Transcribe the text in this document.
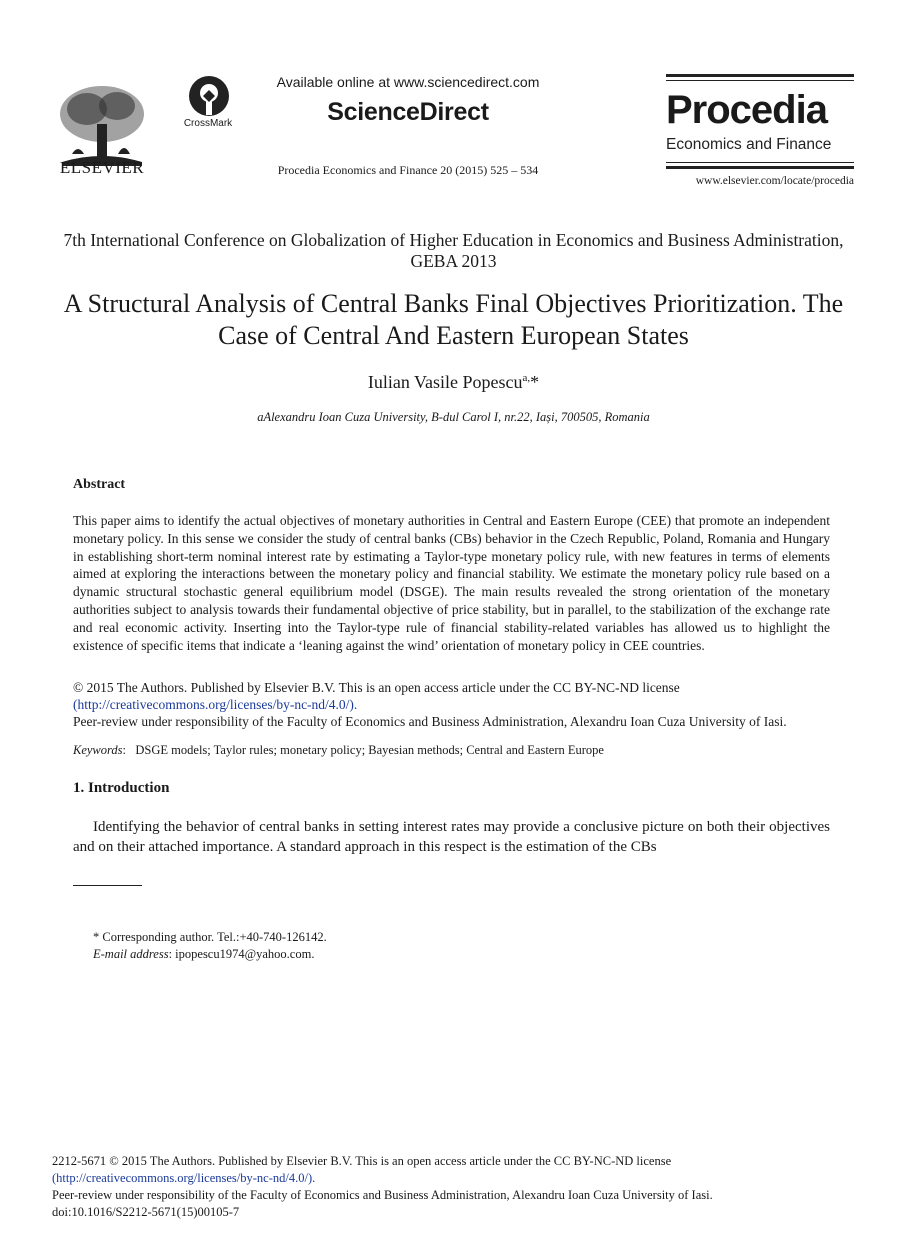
ELSEVIER
CrossMark
Available online at www.sciencedirect.com
ScienceDirect
Procedia Economics and Finance 20 (2015) 525 – 534
Procedia
Economics and Finance
www.elsevier.com/locate/procedia
7th International Conference on Globalization of Higher Education in Economics and Business Administration, GEBA 2013
A Structural Analysis of Central Banks Final Objectives Prioritization. The Case of Central And Eastern European States
Iulian Vasile Popescu$^{a,}$*
aAlexandru Ioan Cuza University, B-dul Carol I, nr.22, Iași, 700505, Romania
Abstract
This paper aims to identify the actual objectives of monetary authorities in Central and Eastern Europe (CEE) that promote an independent monetary policy. In this sense we consider the study of central banks (CBs) behavior in the Czech Republic, Poland, Romania and Hungary in establishing short-term nominal interest rate by estimating a Taylor-type monetary policy rule, with new features in terms of elements aimed at exploring the interactions between the monetary policy and financial stability. We estimate the monetary policy rule based on a dynamic structural stochastic general equilibrium model (DSGE). The main results revealed the strong orientation of the monetary authorities subject to analysis towards their fundamental objective of price stability, but in parallel, to the stabilization of the exchange rate and real economic activity. Inserting into the Taylor-type rule of financial stability-related variables has allowed us to highlight the existence of specific items that indicate a ‘leaning against the wind’ orientation of monetary policy in CEE countries.
© 2015 The Authors. Published by Elsevier B.V. This is an open access article under the CC BY-NC-ND license
(http://creativecommons.org/licenses/by-nc-nd/4.0/).
Peer-review under responsibility of the Faculty of Economics and Business Administration, Alexandru Ioan Cuza University of Iasi.
Keywords:   DSGE models; Taylor rules; monetary policy; Bayesian methods; Central and Eastern Europe
1. Introduction
Identifying the behavior of central banks in setting interest rates may provide a conclusive picture on both their objectives and on their attached importance. A standard approach in this respect is the estimation of the CBs
* Corresponding author. Tel.:+40-740-126142.
E-mail address: ipopescu1974@yahoo.com.
2212-5671 © 2015 The Authors. Published by Elsevier B.V. This is an open access article under the CC BY-NC-ND license
(http://creativecommons.org/licenses/by-nc-nd/4.0/).
Peer-review under responsibility of the Faculty of Economics and Business Administration, Alexandru Ioan Cuza University of Iasi.
doi:10.1016/S2212-5671(15)00105-7
